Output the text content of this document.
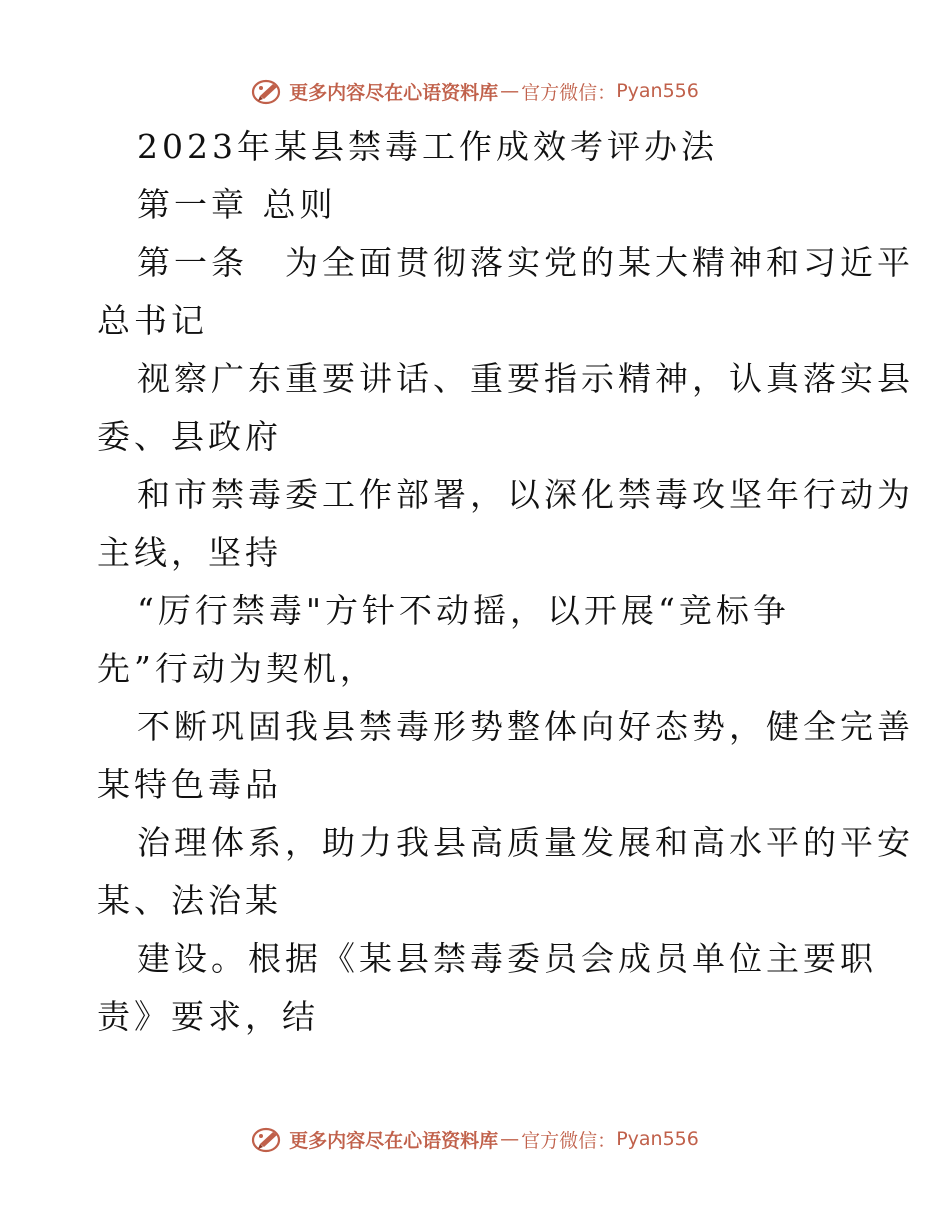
更多内容尽在心语资料库 — 官方微信： Pyan556
2023年某县禁毒工作成效考评办法
第一章 总则
第一条　为全面贯彻落实党的某大精神和习近平
总书记
视察广东重要讲话、重要指示精神，认真落实县
委、县政府
和市禁毒委工作部署，以深化禁毒攻坚年行动为
主线，坚持
“厉行禁毒"方针不动摇，以开展“竞标争
先”行动为契机，
不断巩固我县禁毒形势整体向好态势，健全完善
某特色毒品
治理体系，助力我县高质量发展和高水平的平安
某、法治某
建设。根据《某县禁毒委员会成员单位主要职
责》要求，结
更多内容尽在心语资料库 — 官方微信： Pyan556
